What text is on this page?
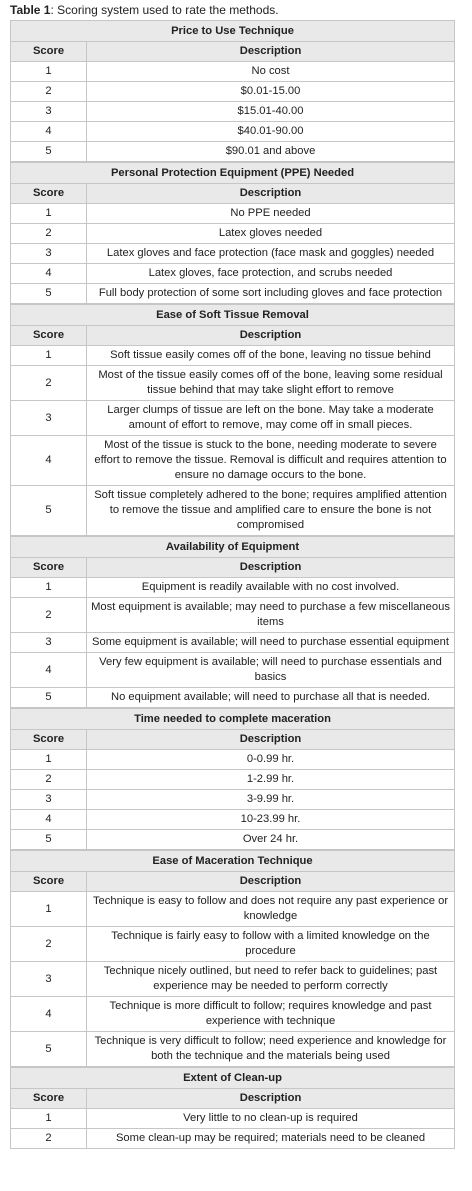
Table 1: Scoring system used to rate the methods.
Price to Use Technique	
Score	Description
1	No cost
2	$0.01-15.00
3	$15.01-40.00
4	$40.01-90.00
5	$90.01 and above
Personal Protection Equipment (PPE) Needed	
Score	Description
1	No PPE needed
2	Latex gloves needed
3	Latex gloves and face protection (face mask and goggles) needed
4	Latex gloves, face protection, and scrubs needed
5	Full body protection of some sort including gloves and face protection
Ease of Soft Tissue Removal	
Score	Description
1	Soft tissue easily comes off of the bone, leaving no tissue behind
2	Most of the tissue easily comes off of the bone, leaving some residual tissue behind that may take slight effort to remove
3	Larger clumps of tissue are left on the bone. May take a moderate amount of effort to remove, may come off in small pieces.
4	Most of the tissue is stuck to the bone, needing moderate to severe effort to remove the tissue. Removal is difficult and requires attention to ensure no damage occurs to the bone.
5	Soft tissue completely adhered to the bone; requires amplified attention to remove the tissue and amplified care to ensure the bone is not compromised
Availability of Equipment	
Score	Description
1	Equipment is readily available with no cost involved.
2	Most equipment is available; may need to purchase a few miscellaneous items
3	Some equipment is available; will need to purchase essential equipment
4	Very few equipment is available; will need to purchase essentials and basics
5	No equipment available; will need to purchase all that is needed.
Time needed to complete maceration	
Score	Description
1	0-0.99 hr.
2	1-2.99 hr.
3	3-9.99 hr.
4	10-23.99 hr.
5	Over 24 hr.
Ease of Maceration Technique	
Score	Description
1	Technique is easy to follow and does not require any past experience or knowledge
2	Technique is fairly easy to follow with a limited knowledge on the procedure
3	Technique nicely outlined, but need to refer back to guidelines; past experience may be needed to perform correctly
4	Technique is more difficult to follow; requires knowledge and past experience with technique
5	Technique is very difficult to follow; need experience and knowledge for both the technique and the materials being used
Extent of Clean-up	
Score	Description
1	Very little to no clean-up is required
2	Some clean-up may be required; materials need to be cleaned
